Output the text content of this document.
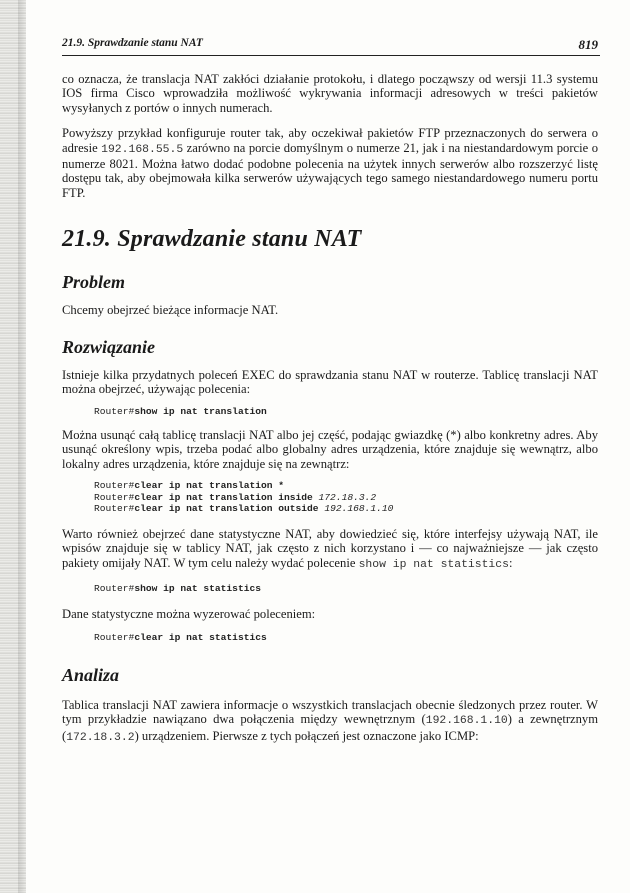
21.9. Sprawdzanie stanu NAT	819

co oznacza, że translacja NAT zakłóci działanie protokołu, i dlatego począwszy od wersji 11.3 systemu IOS firma Cisco wprowadziła możliwość wykrywania informacji adresowych w treści pakietów wysyłanych z portów o innych numerach.

Powyższy przykład konfiguruje router tak, aby oczekiwał pakietów FTP przeznaczonych do serwera o adresie 192.168.55.5 zarówno na porcie domyślnym o numerze 21, jak i na niestandardowym porcie o numerze 8021. Można łatwo dodać podobne polecenia na użytek innych serwerów albo rozszerzyć listę dostępu tak, aby obejmowała kilka serwerów używających tego samego niestandardowego numeru portu FTP.

21.9. Sprawdzanie stanu NAT
Problem

Chcemy obejrzeć bieżące informacje NAT.

Rozwiązanie

Istnieje kilka przydatnych poleceń EXEC do sprawdzania stanu NAT w routerze. Tablicę translacji NAT można obejrzeć, używając polecenia:

Router#show ip nat translation

Można usunąć całą tablicę translacji NAT albo jej część, podając gwiazdkę (*) albo konkretny adres. Aby usunąć określony wpis, trzeba podać albo globalny adres urządzenia, które znajduje się wewnątrz, albo lokalny adres urządzenia, które znajduje się na zewnątrz:

Router#clear ip nat translation *
Router#clear ip nat translation inside 172.18.3.2
Router#clear ip nat translation outside 192.168.1.10

Warto również obejrzeć dane statystyczne NAT, aby dowiedzieć się, które interfejsy używają NAT, ile wpisów znajduje się w tablicy NAT, jak często z nich korzystano i — co najważniejsze — jak często pakiety omijały NAT. W tym celu należy wydać polecenie show ip nat statistics:

Router#show ip nat statistics

Dane statystyczne można wyzerować poleceniem:

Router#clear ip nat statistics
Analiza

Tablica translacji NAT zawiera informacje o wszystkich translacjach obecnie śledzonych przez router. W tym przykładzie nawiązano dwa połączenia między wewnętrznym (192.168.1.10) a zewnętrznym (172.18.3.2) urządzeniem. Pierwsze z tych połączeń jest oznaczone jako ICMP:
